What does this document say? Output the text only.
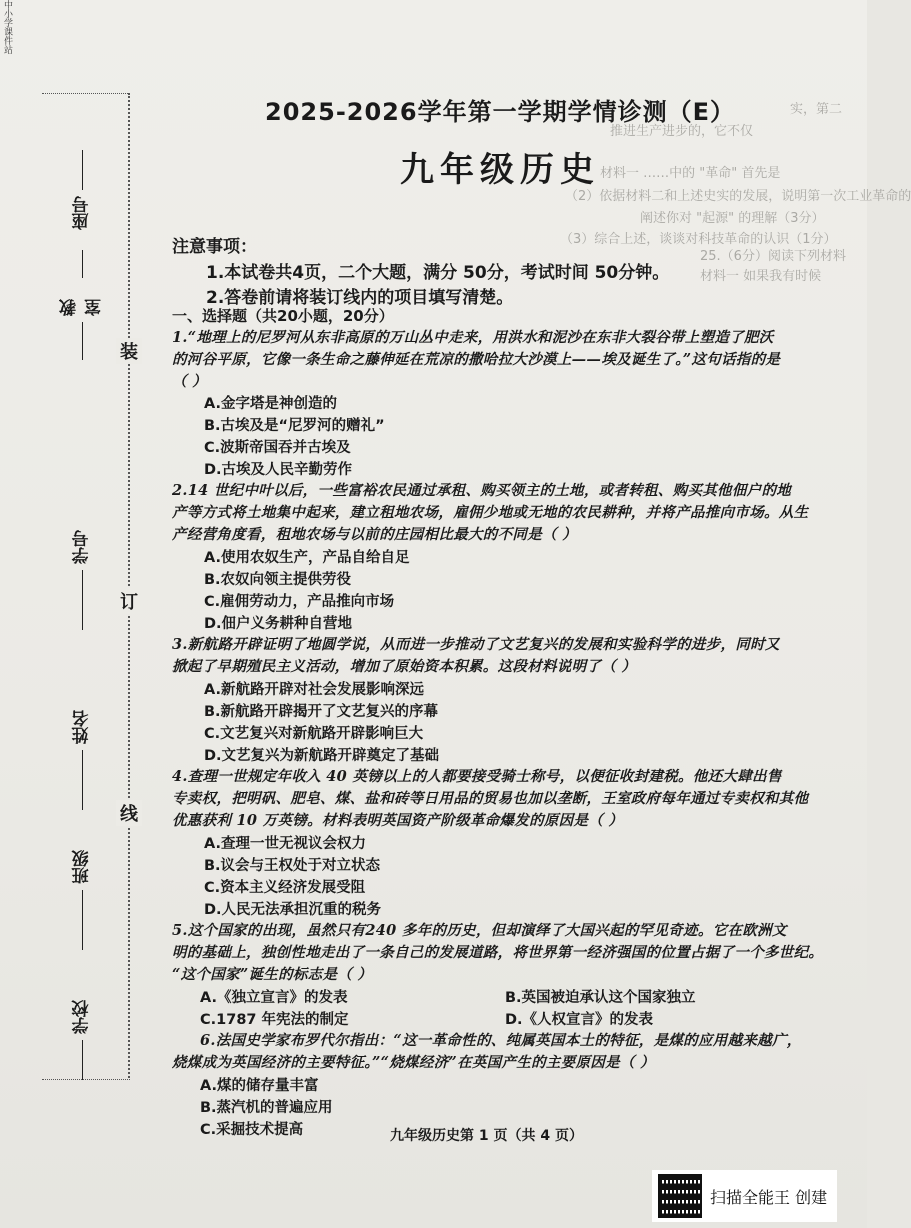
中小学课件站
实，第二
推进生产进步的，它不仅
材料一 ……中的 "革命" 首先是
（2）依据材料二和上述史实的发展，说明第一次工业革命的
阐述你对 "起源" 的理解（3分）
（3）综合上述，谈谈对科技革命的认识（1分）
25.（6分）阅读下列材料
材料一 如果我有时候
座号
教室
学号
姓名
班级
学校
装
订
线
2025-2026学年第一学期学情诊测（E）
九年级历史
注意事项：
1.本试卷共4页，二个大题，满分 50分，考试时间 50分钟。
2.答卷前请将装订线内的项目填写清楚。
一、选择题（共20小题，20分）
1.“地理上的尼罗河从东非高原的万山丛中走来，用洪水和泥沙在东非大裂谷带上塑造了肥沃
的河谷平原，它像一条生命之藤伸延在荒凉的撒哈拉大沙漠上——埃及诞生了。”这句话指的是
（ ）
A.金字塔是神创造的
B.古埃及是“尼罗河的赠礼”
C.波斯帝国吞并古埃及
D.古埃及人民辛勤劳作
2.14 世纪中叶以后，一些富裕农民通过承租、购买领主的土地，或者转租、购买其他佃户的地
产等方式将土地集中起来，建立租地农场，雇佣少地或无地的农民耕种，并将产品推向市场。从生
产经营角度看，租地农场与以前的庄园相比最大的不同是（ ）
A.使用农奴生产，产品自给自足
B.农奴向领主提供劳役
C.雇佣劳动力，产品推向市场
D.佃户义务耕种自营地
3.新航路开辟证明了地圆学说，从而进一步推动了文艺复兴的发展和实验科学的进步，同时又
掀起了早期殖民主义活动，增加了原始资本积累。这段材料说明了（ ）
A.新航路开辟对社会发展影响深远
B.新航路开辟揭开了文艺复兴的序幕
C.文艺复兴对新航路开辟影响巨大
D.文艺复兴为新航路开辟奠定了基础
4.查理一世规定年收入 40 英镑以上的人都要接受骑士称号，以便征收封建税。他还大肆出售
专卖权，把明矾、肥皂、煤、盐和砖等日用品的贸易也加以垄断，王室政府每年通过专卖权和其他
优惠获利 10 万英镑。材料表明英国资产阶级革命爆发的原因是（ ）
A.查理一世无视议会权力
B.议会与王权处于对立状态
C.资本主义经济发展受阻
D.人民无法承担沉重的税务
5.这个国家的出现，虽然只有240 多年的历史，但却演绎了大国兴起的罕见奇迹。它在欧洲文
明的基础上，独创性地走出了一条自己的发展道路，将世界第一经济强国的位置占据了一个多世纪。
“这个国家”诞生的标志是（ ）
A.《独立宣言》的发表	B.英国被迫承认这个国家独立
C.1787 年宪法的制定	D.《人权宣言》的发表
6.法国史学家布罗代尔指出：“这一革命性的、纯属英国本土的特征，是煤的应用越来越广，
烧煤成为英国经济的主要特征。”“烧煤经济”在英国产生的主要原因是（ ）
A.煤的储存量丰富
B.蒸汽机的普遍应用
C.采掘技术提高	九年级历史第 1 页（共 4 页）
扫描全能王 创建
